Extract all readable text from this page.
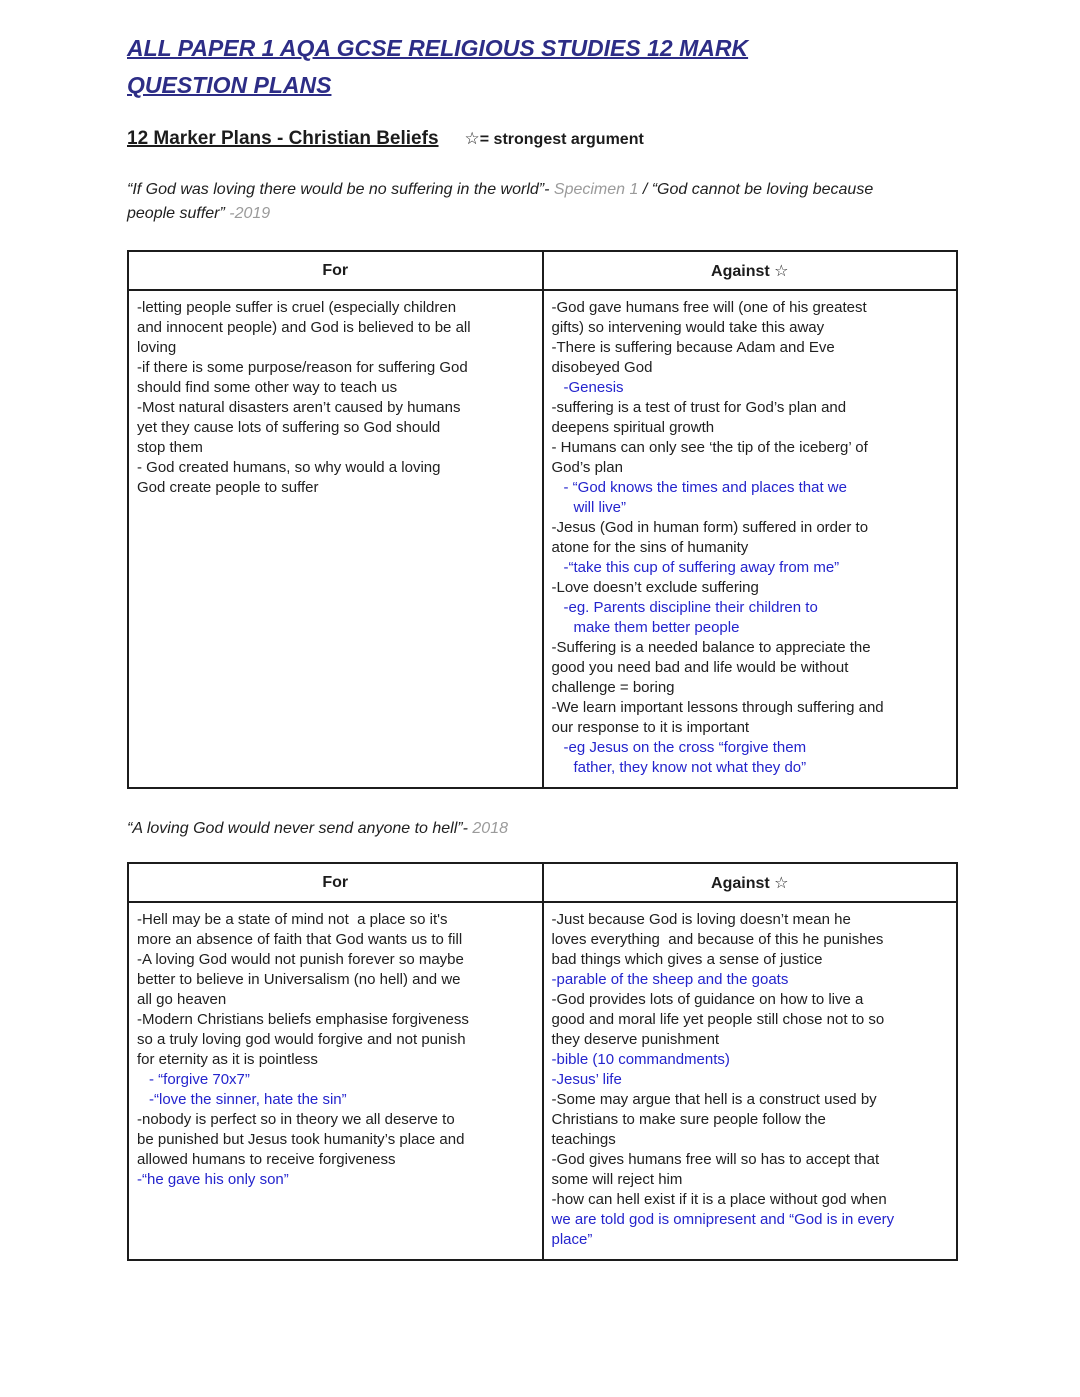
ALL PAPER 1 AQA GCSE RELIGIOUS STUDIES 12 MARK
QUESTION PLANS
12 Marker Plans - Christian Beliefs ☆= strongest argument

“If God was loving there would be no suffering in the world”- Specimen 1 / “God cannot be loving because
people suffer” -2019

For	Against ☆

-letting people suffer is cruel (especially children
and innocent people) and God is believed to be all
loving
-if there is some purpose/reason for suffering God
should find some other way to teach us
-Most natural disasters aren’t caused by humans
yet they cause lots of suffering so God should
stop them
- God created humans, so why would a loving
God create people to suffer

-God gave humans free will (one of his greatest
gifts) so intervening would take this away
-There is suffering because Adam and Eve
disobeyed God
-Genesis
-suffering is a test of trust for God’s plan and
deepens spiritual growth
- Humans can only see ‘the tip of the iceberg’ of
God’s plan
- “God knows the times and places that we
will live”
-Jesus (God in human form) suffered in order to
atone for the sins of humanity
-“take this cup of suffering away from me”
-Love doesn’t exclude suffering
-eg. Parents discipline their children to
make them better people
-Suffering is a needed balance to appreciate the
good you need bad and life would be without
challenge = boring
-We learn important lessons through suffering and
our response to it is important
-eg Jesus on the cross “forgive them
father, they know not what they do”

“A loving God would never send anyone to hell”- 2018

For	Against ☆

-Hell may be a state of mind not  a place so it's
more an absence of faith that God wants us to fill
-A loving God would not punish forever so maybe
better to believe in Universalism (no hell) and we
all go heaven
-Modern Christians beliefs emphasise forgiveness
so a truly loving god would forgive and not punish
for eternity as it is pointless
- “forgive 70x7”
-“love the sinner, hate the sin”
-nobody is perfect so in theory we all deserve to
be punished but Jesus took humanity’s place and
allowed humans to receive forgiveness
-“he gave his only son”

-Just because God is loving doesn’t mean he
loves everything  and because of this he punishes
bad things which gives a sense of justice
-parable of the sheep and the goats
-God provides lots of guidance on how to live a
good and moral life yet people still chose not to so
they deserve punishment
-bible (10 commandments)
-Jesus’ life
-Some may argue that hell is a construct used by
Christians to make sure people follow the
teachings
-God gives humans free will so has to accept that
some will reject him
-how can hell exist if it is a place without god when
we are told god is omnipresent and “God is in every
place”
